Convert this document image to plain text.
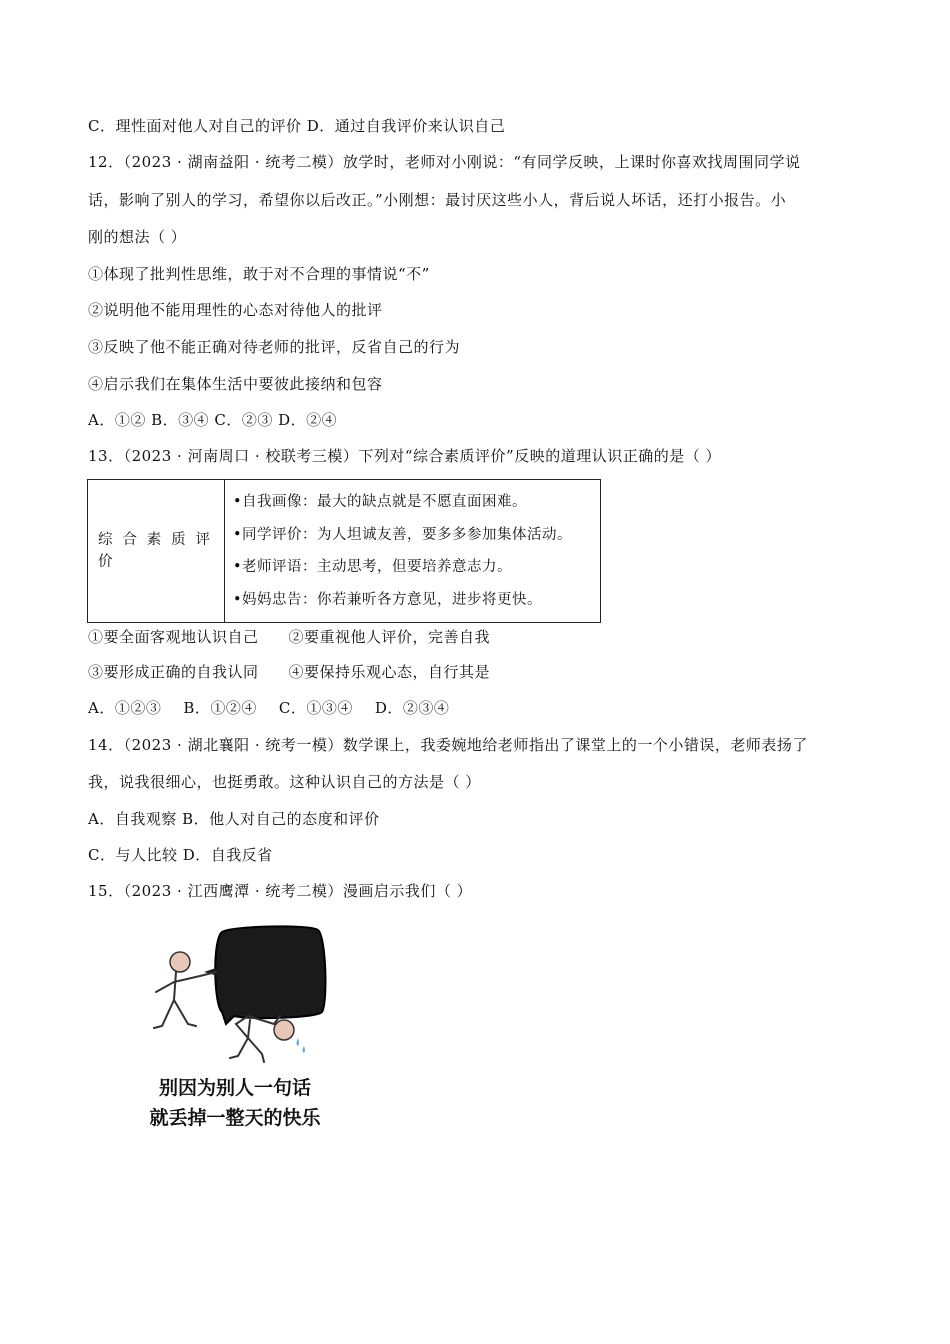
C．理性面对他人对自己的评价 D．通过自我评价来认识自己
12．（2023 · 湖南益阳 · 统考二模）放学时，老师对小刚说：“有同学反映，上课时你喜欢找周围同学说
话，影响了别人的学习，希望你以后改正。”小刚想：最讨厌这些小人，背后说人坏话，还打小报告。小
刚的想法（ ）
①体现了批判性思维，敢于对不合理的事情说“不”
②说明他不能用理性的心态对待他人的批评
③反映了他不能正确对待老师的批评，反省自己的行为
④启示我们在集体生活中要彼此接纳和包容
A．①② B．③④ C．②③ D．②④
13．（2023 · 河南周口 · 校联考三模）下列对“综合素质评价”反映的道理认识正确的是（ ）
综合素质评价	
•自我画像：最大的缺点就是不愿直面困难。
•同学评价：为人坦诚友善，要多多参加集体活动。
•老师评语：主动思考，但要培养意志力。
•妈妈忠告：你若兼听各方意见，进步将更快。
①要全面客观地认识自己 ②要重视他人评价，完善自我
③要形成正确的自我认同 ④要保持乐观心态，自行其是
A．①②③ B．①②④ C．①③④ D．②③④
14．（2023 · 湖北襄阳 · 统考一模）数学课上，我委婉地给老师指出了课堂上的一个小错误，老师表扬了
我，说我很细心，也挺勇敢。这种认识自己的方法是（ ）
A．自我观察 B．他人对自己的态度和评价
C．与人比较 D．自我反省
15．（2023 · 江西鹰潭 · 统考二模）漫画启示我们（ ）
别因为别人一句话
就丢掉一整天的快乐
